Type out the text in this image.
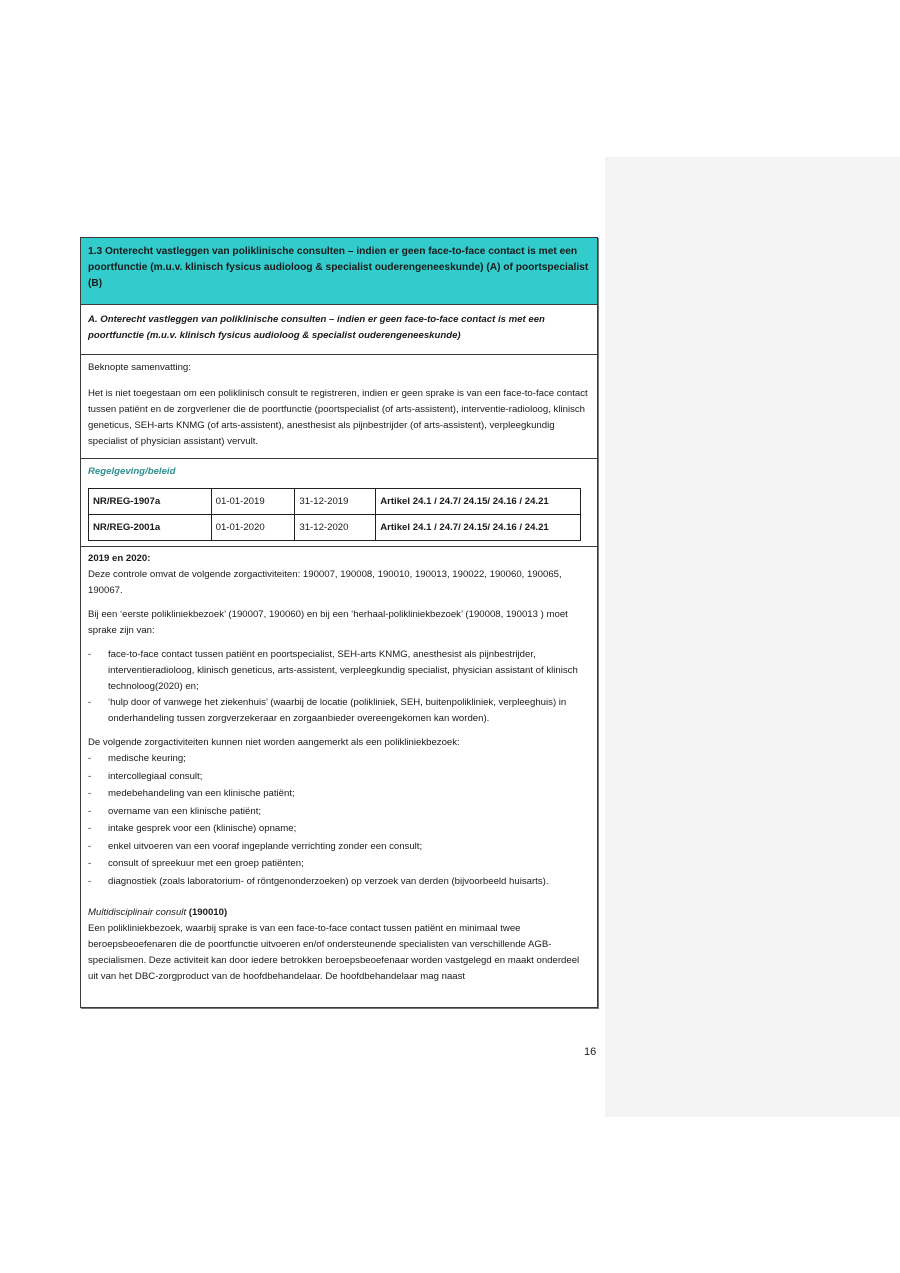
1.3 Onterecht vastleggen van poliklinische consulten – indien er geen face-to-face contact is met een poortfunctie (m.u.v. klinisch fysicus audioloog & specialist ouderengeneeskunde) (A) of poortspecialist (B)
A. Onterecht vastleggen van poliklinische consulten – indien er geen face-to-face contact is met een poortfunctie (m.u.v. klinisch fysicus audioloog & specialist ouderengeneeskunde)

Beknopte samenvatting:

Het is niet toegestaan om een poliklinisch consult te registreren, indien er geen sprake is van een face-to-face contact tussen patiënt en de zorgverlener die de poortfunctie (poortspecialist (of arts-assistent), interventie-radioloog, klinisch geneticus, SEH-arts KNMG (of arts-assistent), anesthesist als pijnbestrijder (of arts-assistent), verpleegkundig specialist of physician assistant) vervult.

Regelgeving/beleid
NR/REG-1907a	01-01-2019	31-12-2019	Artikel 24.1 / 24.7/ 24.15/ 24.16 / 24.21
NR/REG-2001a	01-01-2020	31-12-2020	Artikel 24.1 / 24.7/ 24.15/ 24.16 / 24.21

2019 en 2020:

Deze controle omvat de volgende zorgactiviteiten: 190007, 190008, 190010, 190013, 190022, 190060, 190065, 190067.

Bij een ‘eerste polikliniekbezoek’ (190007, 190060) en bij een ‘herhaal-polikliniekbezoek’ (190008, 190013 ) moet sprake zijn van:

- face-to-face contact tussen patiënt en poortspecialist, SEH-arts KNMG, anesthesist als pijnbestrijder, interventieradioloog, klinisch geneticus, arts-assistent, verpleegkundig specialist, physician assistant of klinisch technoloog(2020) en;
- ‘hulp door of vanwege het ziekenhuis’ (waarbij de locatie (polikliniek, SEH, buitenpolikliniek, verpleeghuis) in onderhandeling tussen zorgverzekeraar en zorgaanbieder overeengekomen kan worden).

De volgende zorgactiviteiten kunnen niet worden aangemerkt als een polikliniekbezoek:

- medische keuring;
- intercollegiaal consult;
- medebehandeling van een klinische patiënt;
- overname van een klinische patiënt;
- intake gesprek voor een (klinische) opname;
- enkel uitvoeren van een vooraf ingeplande verrichting zonder een consult;
- consult of spreekuur met een groep patiënten;
- diagnostiek (zoals laboratorium- of röntgenonderzoeken) op verzoek van derden (bijvoorbeeld huisarts).

Multidisciplinair consult (190010)

Een polikliniekbezoek, waarbij sprake is van een face-to-face contact tussen patiënt en minimaal twee beroepsbeoefenaren die de poortfunctie uitvoeren en/of ondersteunende specialisten van verschillende AGB-specialismen. Deze activiteit kan door iedere betrokken beroepsbeoefenaar worden vastgelegd en maakt onderdeel uit van het DBC-zorgproduct van de hoofdbehandelaar. De hoofdbehandelaar mag naast

16
